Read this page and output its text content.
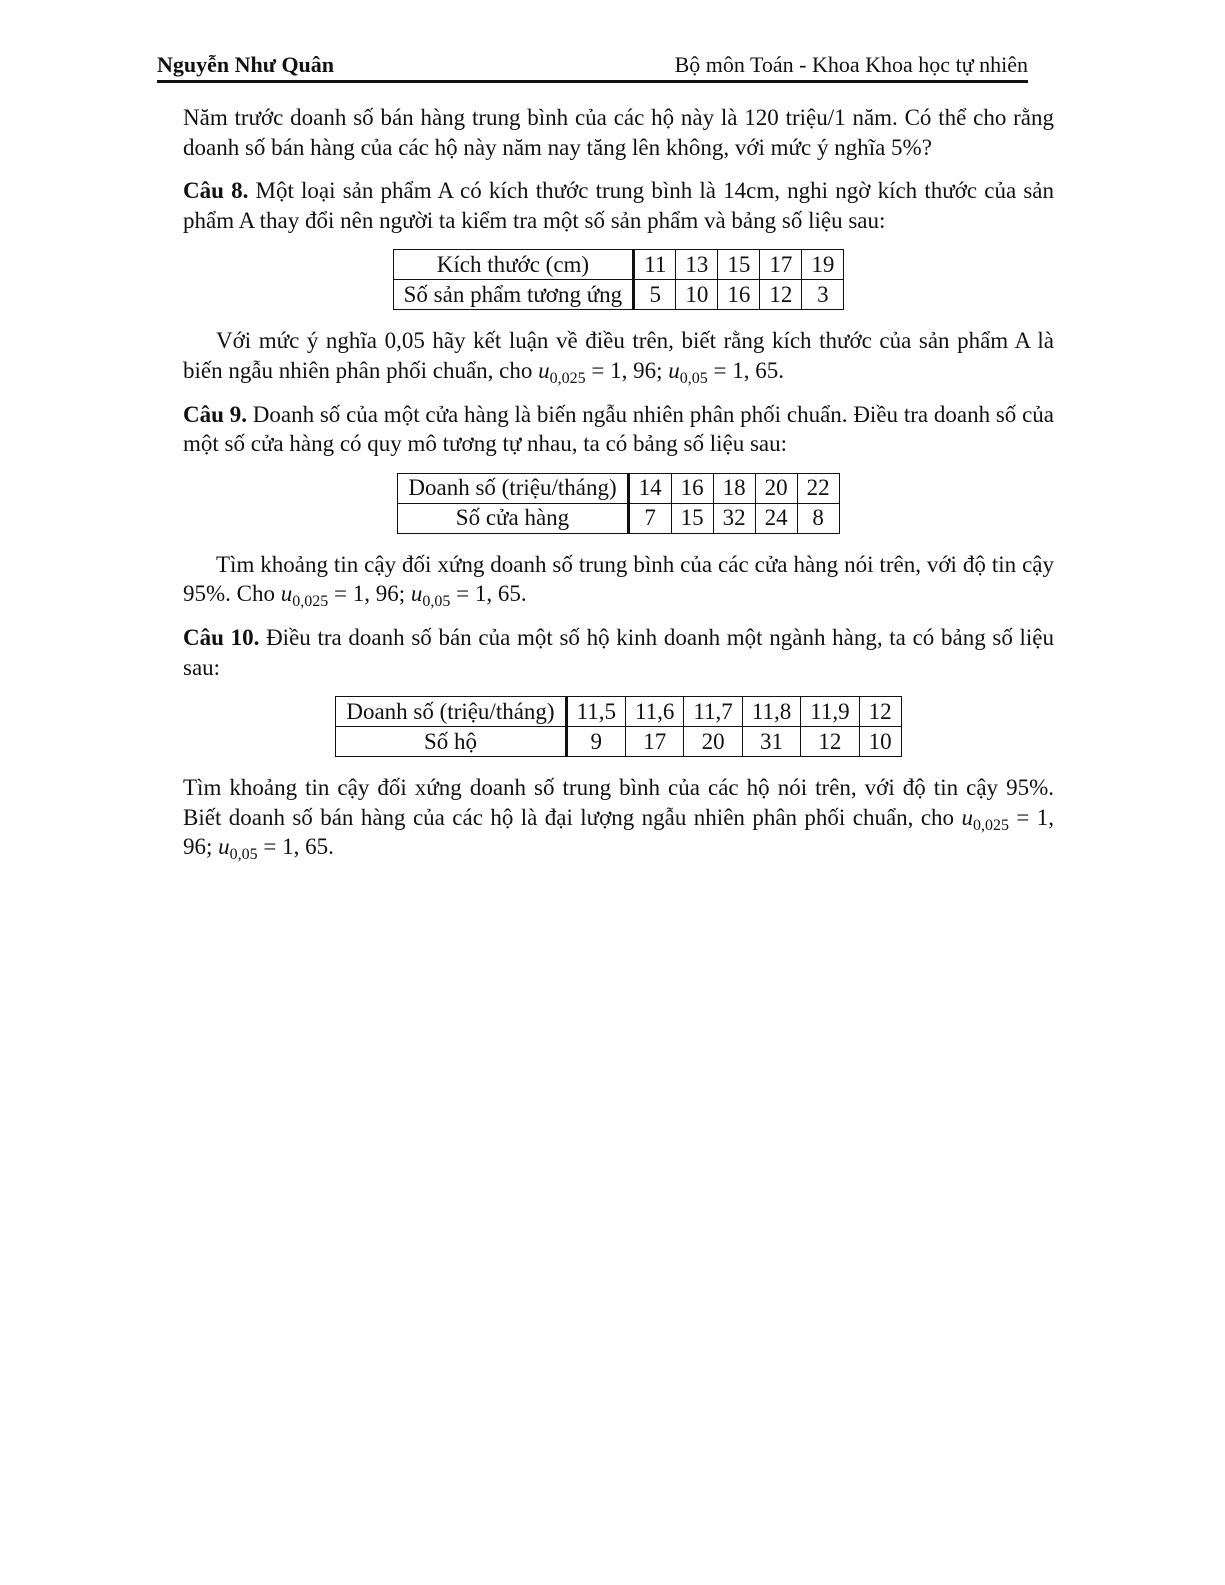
Nguyễn Như Quân	Bộ môn Toán - Khoa Khoa học tự nhiên

Năm trước doanh số bán hàng trung bình của các hộ này là 120 triệu/1 năm. Có thể cho rằng doanh số bán hàng của các hộ này năm nay tăng lên không, với mức ý nghĩa 5%?

Câu 8. Một loại sản phẩm A có kích thước trung bình là 14cm, nghi ngờ kích thước của sản phẩm A thay đổi nên người ta kiểm tra một số sản phẩm và bảng số liệu sau:

Kích thước (cm)	11	13	15	17	19
Số sản phẩm tương ứng	5	10	16	12	3

Với mức ý nghĩa 0,05 hãy kết luận về điều trên, biết rằng kích thước của sản phẩm A là biến ngẫu nhiên phân phối chuẩn, cho $u_{0,025} = 1$, 96; $u_{0,05} = 1$, 65.

Câu 9. Doanh số của một cửa hàng là biến ngẫu nhiên phân phối chuẩn. Điều tra doanh số của một số cửa hàng có quy mô tương tự nhau, ta có bảng số liệu sau:

Doanh số (triệu/tháng)	14	16	18	20	22
Số cửa hàng	7	15	32	24	8

Tìm khoảng tin cậy đối xứng doanh số trung bình của các cửa hàng nói trên, với độ tin cậy 95%. Cho $u_{0,025} = 1$, 96; $u_{0,05} = 1$, 65.

Câu 10. Điều tra doanh số bán của một số hộ kinh doanh một ngành hàng, ta có bảng số liệu sau:

Doanh số (triệu/tháng)	11,5	11,6	11,7	11,8	11,9	12
Số hộ	9	17	20	31	12	10

Tìm khoảng tin cậy đối xứng doanh số trung bình của các hộ nói trên, với độ tin cậy 95%. Biết doanh số bán hàng của các hộ là đại lượng ngẫu nhiên phân phối chuẩn, cho $u_{0,025} = 1$, 96; $u_{0,05} = 1$, 65.
